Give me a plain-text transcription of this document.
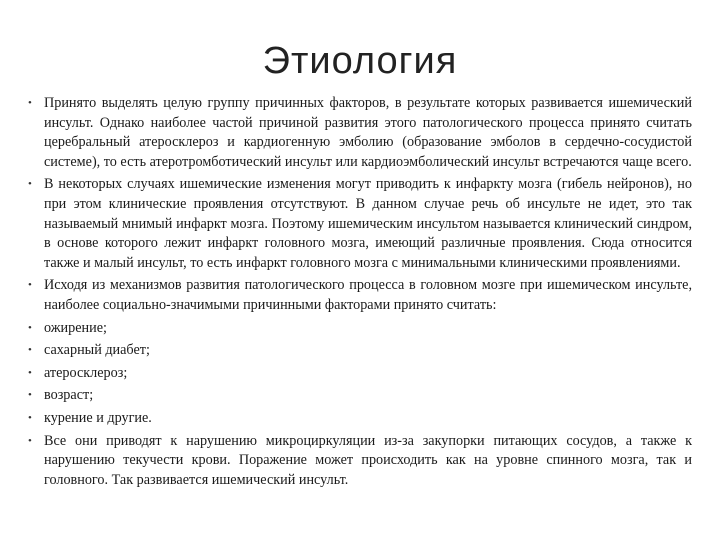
Этиология
• Принято выделять целую группу причинных факторов, в результате которых развивается ишемический инсульт. Однако наиболее частой причиной развития этого патологического процесса принято считать церебральный атеросклероз и кардиогенную эмболию (образование эмболов в сердечно-сосудистой системе), то есть атеротромботический инсульт или кардиоэмболический инсульт встречаются чаще всего.
• В некоторых случаях ишемические изменения могут приводить к инфаркту мозга (гибель нейронов), но при этом клинические проявления отсутствуют. В данном случае речь об инсульте не идет, это так называемый мнимый инфаркт мозга. Поэтому ишемическим инсультом называется клинический синдром, в основе которого лежит инфаркт головного мозга, имеющий различные проявления. Сюда относится также и малый инсульт, то есть инфаркт головного мозга с минимальными клиническими проявлениями.
• Исходя из механизмов развития патологического процесса в головном мозге при ишемическом инсульте, наиболее социально-значимыми причинными факторами принято считать:
• ожирение;
• сахарный диабет;
• атеросклероз;
• возраст;
• курение и другие.
• Все они приводят к нарушению микроциркуляции из-за закупорки питающих сосудов, а также к нарушению текучести крови. Поражение может происходить как на уровне спинного мозга, так и головного. Так развивается ишемический инсульт.
